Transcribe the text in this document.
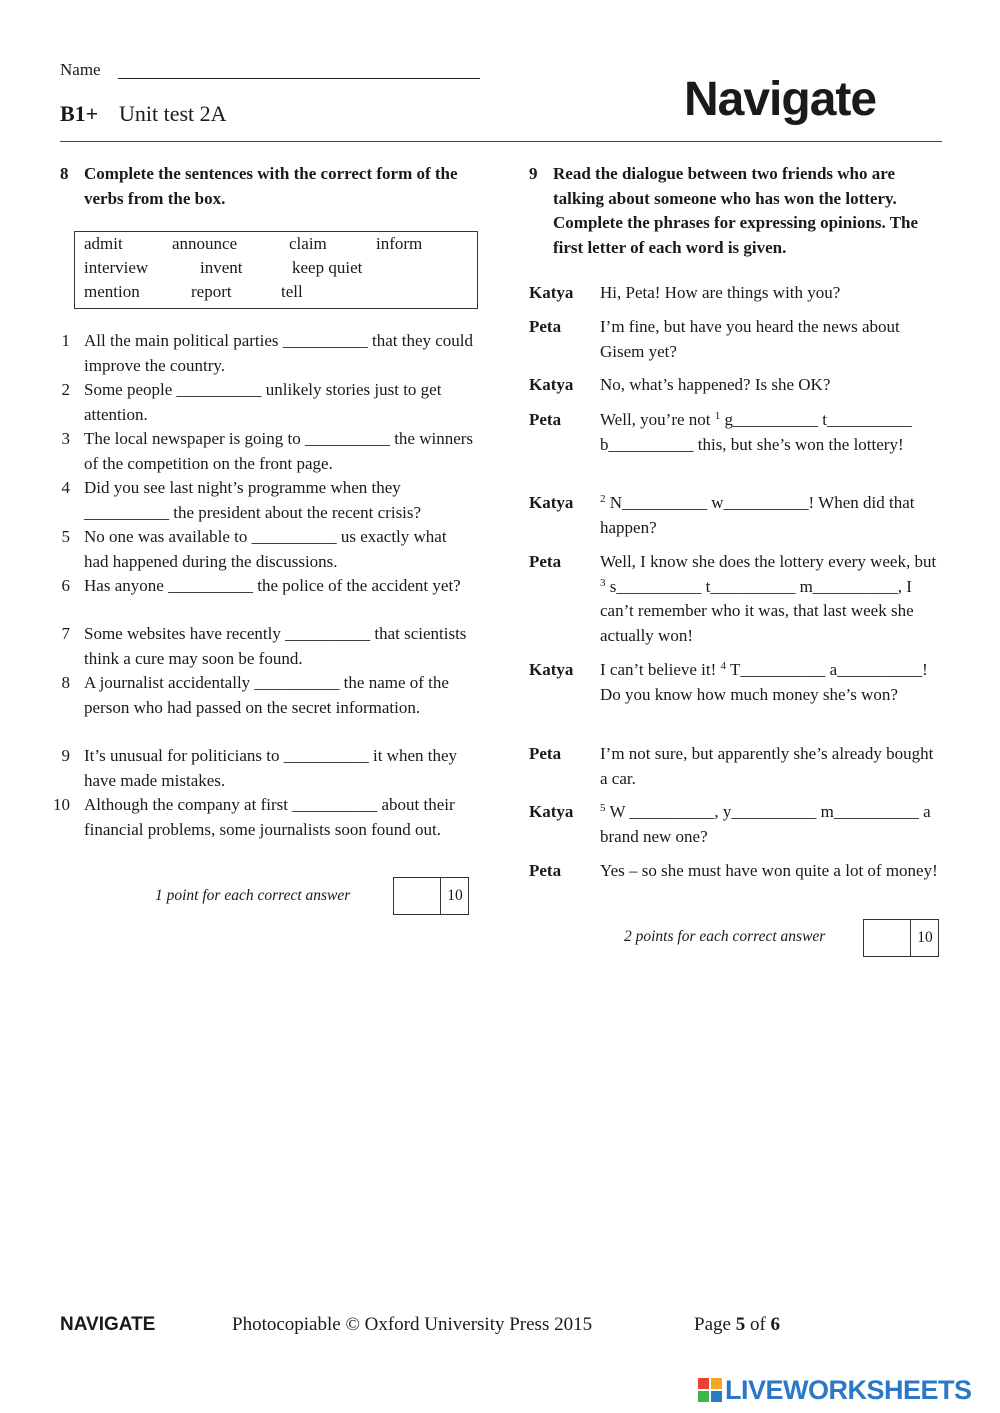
Name
B1+ Unit test 2A	Navigate
8 Complete the sentences with the correct form of the verbs from the box.
admit	announce	claim	inform
interview	invent	keep quiet
mention	report	tell
1 All the main political parties __________ that they could improve the country.
2 Some people __________ unlikely stories just to get attention.
3 The local newspaper is going to __________ the winners of the competition on the front page.
4 Did you see last night’s programme when they __________ the president about the recent crisis?
5 No one was available to __________ us exactly what had happened during the discussions.
6 Has anyone __________ the police of the accident yet?
7 Some websites have recently __________ that scientists think a cure may soon be found.
8 A journalist accidentally __________ the name of the person who had passed on the secret information.
9 It’s unusual for politicians to __________ it when they have made mistakes.
10 Although the company at first __________ about their financial problems, some journalists soon found out.
1 point for each correct answer	10
9 Read the dialogue between two friends who are talking about someone who has won the lottery. Complete the phrases for expressing opinions. The first letter of each word is given.
Katya Hi, Peta! How are things with you?
Peta I’m fine, but have you heard the news about Gisem yet?
Katya No, what’s happened? Is she OK?
Peta Well, you’re not $^1$ g__________ t__________ b__________ this, but she’s won the lottery!
Katya $^2$ N__________ w__________! When did that happen?
Peta Well, I know she does the lottery every week, but $^3$ s__________ t__________ m__________, I can’t remember who it was, that last week she actually won!
Katya I can’t believe it! $^4$ T__________ a__________! Do you know how much money she’s won?
Peta I’m not sure, but apparently she’s already bought a car.
Katya $^5$ W __________, y__________ m__________ a brand new one?
Peta Yes – so she must have won quite a lot of money!
2 points for each correct answer	10
NAVIGATE	Photocopiable © Oxford University Press 2015	Page 5 of 6
LIVEWORKSHEETS
